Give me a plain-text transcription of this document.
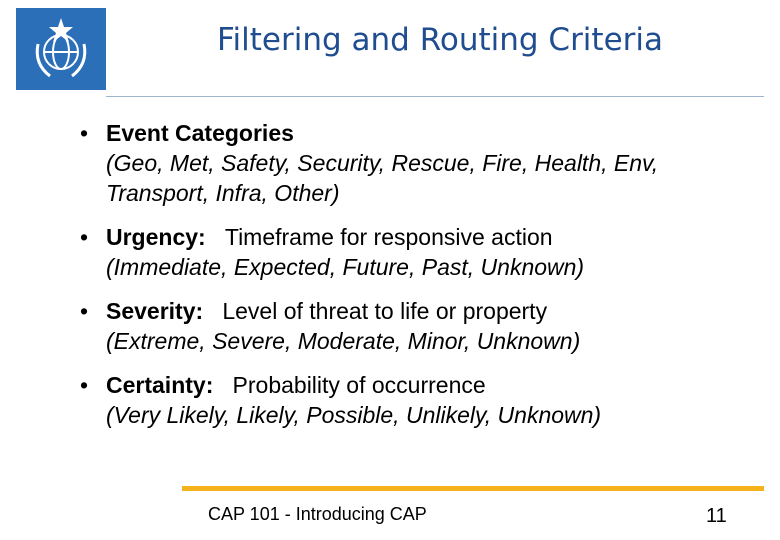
Filtering and Routing Criteria
• Event Categories
(Geo, Met, Safety, Security, Rescue, Fire, Health, Env, Transport, Infra, Other)
• Urgency:   Timeframe for responsive action
(Immediate, Expected, Future, Past, Unknown)
• Severity:   Level of threat to life or property
(Extreme, Severe, Moderate, Minor, Unknown)
• Certainty:   Probability of occurrence
(Very Likely, Likely, Possible, Unlikely, Unknown)
CAP 101 - Introducing CAP	11
